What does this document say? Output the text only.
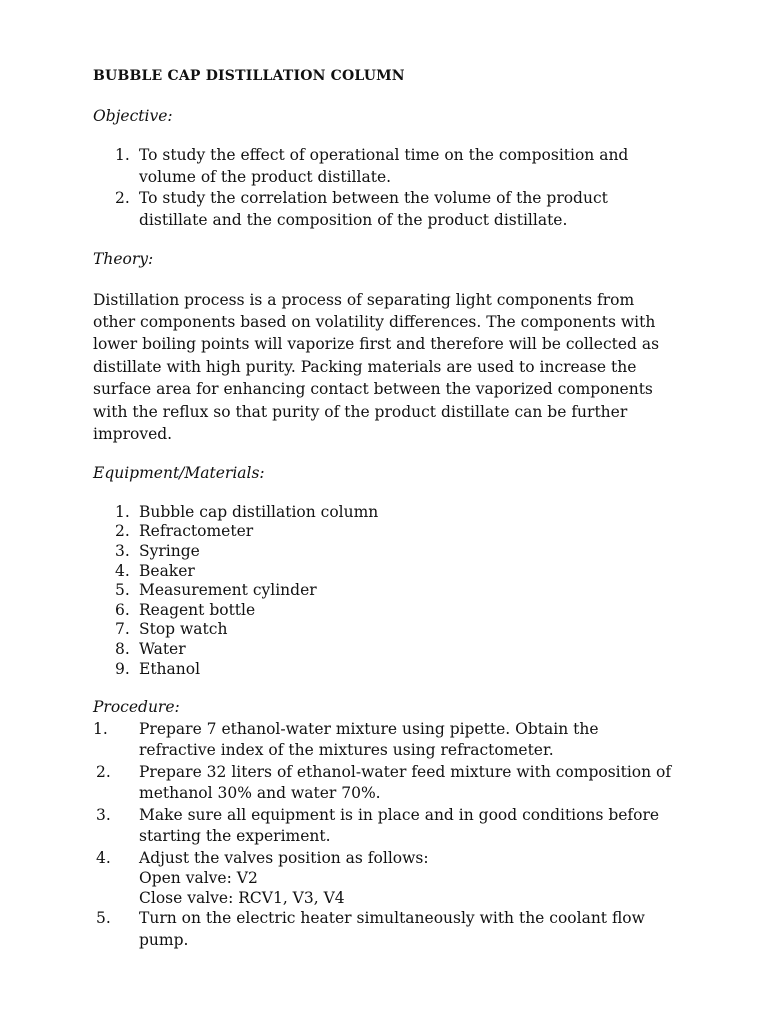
BUBBLE CAP DISTILLATION COLUMN

Objective:

1. To study the effect of operational time on the composition and volume of the product distillate.
2. To study the correlation between the volume of the product distillate and the composition of the product distillate.

Theory:

Distillation process is a process of separating light components from other components based on volatility differences. The components with lower boiling points will vaporize first and therefore will be collected as distillate with high purity. Packing materials are used to increase the surface area for enhancing contact between the vaporized components with the reflux so that purity of the product distillate can be further improved.

Equipment/Materials:

1. Bubble cap distillation column
2. Refractometer
3. Syringe
4. Beaker
5. Measurement cylinder
6. Reagent bottle
7. Stop watch
8. Water
9. Ethanol

Procedure:

1. Prepare 7 ethanol-water mixture using pipette. Obtain the refractive index of the mixtures using refractometer.
2. Prepare 32 liters of ethanol-water feed mixture with composition of methanol 30% and water 70%.
3. Make sure all equipment is in place and in good conditions before starting the experiment.
4. Adjust the valves position as follows:
Open valve: V2
Close valve: RCV1, V3, V4
5. Turn on the electric heater simultaneously with the coolant flow pump.
